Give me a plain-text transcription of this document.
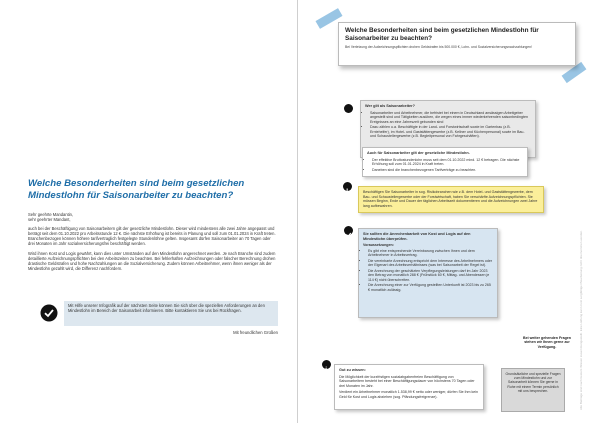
Welche Besonderheiten sind beim gesetzlichen Mindestlohn für Saisonarbeiter zu beachten?

Sehr geehrte Mandantin,

sehr geehrter Mandant,

auch bei der Beschäftigung von Saisonarbeitern gilt der gesetzliche Mindestlohn. Dieser wird mindestens alle zwei Jahre angepasst und beträgt seit dem 01.10.2022 pro Arbeitsstunde 12 €. Die nächste Erhöhung ist bereits in Planung und soll zum 01.01.2024 in Kraft treten. Branchenbezogen können höhere tarifvertraglich festgelegte Stundenlöhne gelten. Insgesamt dürfen Saisonarbeiter an 70 Tagen oder drei Monaten im Jahr sozialversicherungsfrei beschäftigt werden.

Wird ihnen Kost und Logis gewährt, kann dies unter Umständen auf den Mindestlohn angerechnet werden. Je nach Branche sind zudem detaillierte Aufzeichnungspflichten bei den Arbeitszeiten zu beachten. Bei fehlerhaften Aufzeichnungen oder falscher Berechnung drohen drastische Geldstrafen und hohe Nachzahlungen an die Sozialversicherung. Zudem können Arbeitnehmer, wenn ihnen weniger als der Mindestlohn gezahlt wird, die Differenz nachfordern.

Mit Hilfe unserer Infografik auf der nächsten Seite können Sie sich über die speziellen Anforderungen an den Mindestlohn im Bereich der Saisonarbeit informieren. Bitte kontaktieren Sie uns bei Rückfragen.
Mit freundlichen Grüßen
Welche Besonderheiten sind beim gesetzlichen Mindestlohn für Saisonarbeiter zu beachten?
Bei Verletzung der Aufzeichnungspflichten drohen Geldstrafen bis 500.000 €, Lohn- und Sozialversicherungsnachzahlungen!
Wer gilt als Saisonarbeiter?
• Saisonarbeiter und Arbeitnehmer, die befristet bei einem in Deutschland ansässigen Arbeitgeber angestellt sind und Tätigkeiten ausüben, die wegen eines immer wiederkehrenden saisonbedingten Ereignisses an eine Jahreszeit gebunden sind
• Dazu zählen u.a. Beschäftigte in der Land- und Forstwirtschaft sowie im Gartenbau (z.B. Erntehelfer), im Hotel- und Gaststättengewerbe (z.B. Kellner und Küchenpersonal) sowie im Bau- und Schaustellergewerbe (z.B. Begleitpersonal von Fahrgeschäften).
Auch für Saisonarbeiter gilt der gesetzliche Mindestlohn.
• Der effektive Bruttostundenlohn muss seit dem 01.10.2022 mind. 12 € betragen. Die nächste Erhöhung soll zum 01.01.2024 in Kraft treten.
• Daneben sind die branchenbezogenen Tarifverträge zu beachten.
Beschäftigen Sie Saisonarbeiter in sog. Risikobranchen wie z.B. dem Hotel- und Gaststättengewerbe, dem Bau- und Schaustellergewerbe oder der Forstwirtschaft, haben Sie verschärfte Aufzeichnungspflichten. Sie müssen Beginn, Ende und Dauer der täglichen Arbeitszeit dokumentieren und die Aufzeichnungen zwei Jahre lang aufbewahren.
!
Sie sollten die Anrechenbarkeit von Kost und Logis auf den Mindestlohn überprüfen.
Voraussetzungen:
• Es gibt eine entsprechende Vereinbarung zwischen Ihnen und dem Arbeitnehmer in Arbeitsvertrag.
• Die vereinbarte Anrechnung entspricht dem Interesse des Arbeitnehmers oder der Eigenart des Arbeitsverhältnisses (was bei Saisonarbeit der Regel ist).
• Die Anrechnung der geschätzten Verpflegungsleistungen darf im Jahr 2023 den Betrag von monatlich 288 € (Frühstück 60 €, Mittag- und Abendessen je 114 €) nicht überschreiten.
• Die Anrechnung einer zur Verfügung gestellten Unterkunft ist 2023 bis zu 265 € monatlich zulässig.
Gut zu wissen:
Die Möglichkeit der kurzfristigen sozialabgabenfreien Beschäftigung von Saisonarbeitern besteht bei einer Beschäftigungsdauer von höchstens 70 Tagen oder drei Monaten im Jahr.
Verdient ein Arbeitnehmer monatlich 1.538,99 € netto oder weniger, dürfen Sie ihm kein Geld für Kost und Logis abziehen (sog. Pfändungsfreigrenze).
i
Grundsätzliche und spezielle Fragen zum Mindestlohn und zur Saisonarbeit können Sie gerne in Ruhe mit einem Termin persönlich mit uns besprechen.
Bei weiter gehenden Fragen stehen wir Ihnen gerne zur Verfügung.	Alle Beiträge sind nach bestem Wissen zusammengestellt. Eine Haftung kann trotz sorgfältiger Bearbeitung nicht übernommen werden.
